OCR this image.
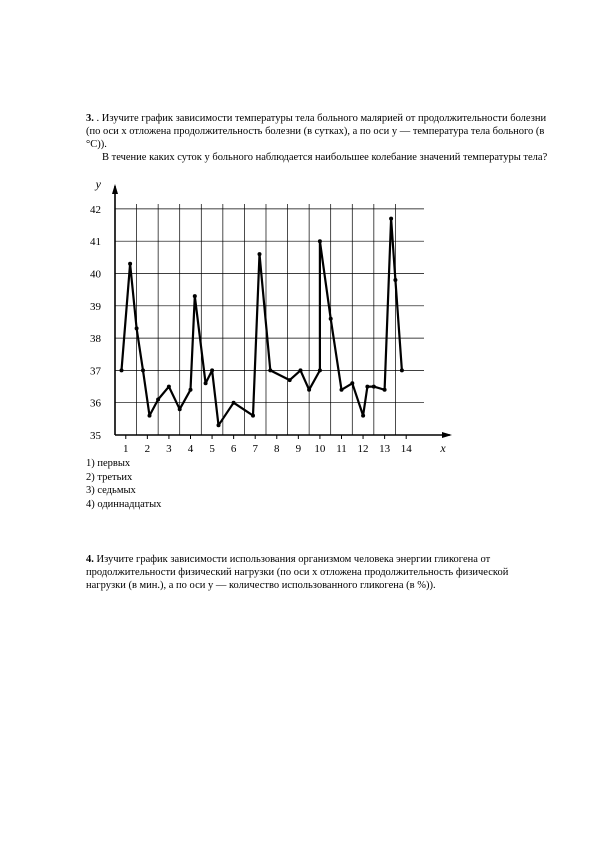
3. . Изучите график зависимости температуры тела больного малярией от продолжительности болезни (по оси x отложена продолжительность болезни (в сутках), а по оси y — температура тела больного (в °С)).
В течение каких суток у больного наблюдается наибольшее колебание значений температуры тела?
1 2 3 4 5 6 7 8 9 10 11 12 13 14
35
36
37
38
39
40
41
42
y
x
1) первых
2) третьих
3) седьмых
4) одиннадцатых
4. Изучите график зависимости использования организмом человека энергии гликогена от продолжительности физический нагрузки (по оси x отложена продолжительность физической нагрузки (в мин.), а по оси y — количество использованного гликогена (в %)).
